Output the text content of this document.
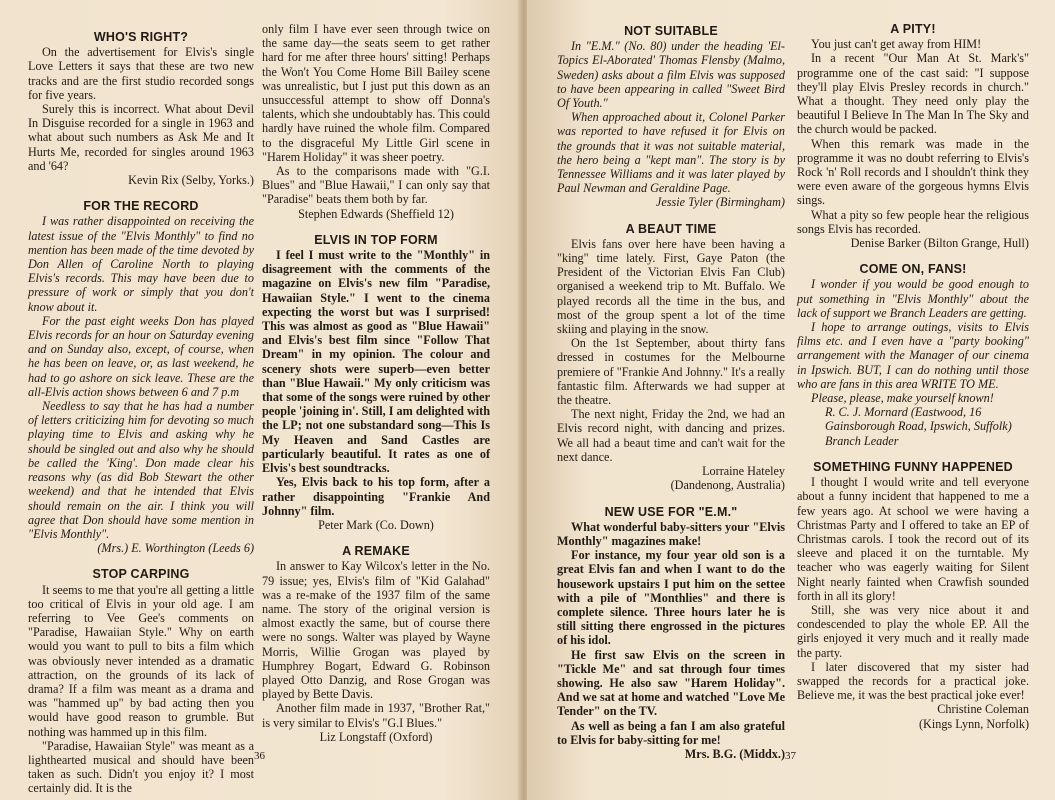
WHO'S RIGHT?

On the advertisement for Elvis's single Love Letters it says that these are two new tracks and are the first studio recorded songs for five years.

Surely this is incorrect. What about Devil In Disguise recorded for a single in 1963 and what about such numbers as Ask Me and It Hurts Me, recorded for singles around 1963 and '64?

Kevin Rix (Selby, Yorks.)
FOR THE RECORD

I was rather disappointed on receiving the latest issue of the "Elvis Monthly" to find no mention has been made of the time devoted by Don Allen of Caroline North to playing Elvis's records. This may have been due to pressure of work or simply that you don't know about it.

For the past eight weeks Don has played Elvis records for an hour on Saturday evening and on Sunday also, except, of course, when he has been on leave, or, as last weekend, he had to go ashore on sick leave. These are the all-Elvis action shows between 6 and 7 p.m

Needless to say that he has had a number of letters criticizing him for devoting so much playing time to Elvis and asking why he should be singled out and also why he should be called the 'King'. Don made clear his reasons why (as did Bob Stewart the other weekend) and that he intended that Elvis should remain on the air. I think you will agree that Don should have some mention in "Elvis Monthly".

(Mrs.) E. Worthington (Leeds 6)
STOP CARPING

It seems to me that you're all getting a little too critical of Elvis in your old age. I am referring to Vee Gee's comments on "Paradise, Hawaiian Style." Why on earth would you want to pull to bits a film which was obviously never intended as a dramatic attraction, on the grounds of its lack of drama? If a film was meant as a drama and was "hammed up" by bad acting then you would have good reason to grumble. But nothing was hammed up in this film.

"Paradise, Hawaiian Style" was meant as a lighthearted musical and should have been taken as such. Didn't you enjoy it? I most certainly did. It is the

only film I have ever seen through twice on the same day—the seats seem to get rather hard for me after three hours' sitting! Perhaps the Won't You Come Home Bill Bailey scene was unrealistic, but I just put this down as an unsuccessful attempt to show off Donna's talents, which she undoubtably has. This could hardly have ruined the whole film. Compared to the disgraceful My Little Girl scene in "Harem Holiday" it was sheer poetry.

As to the comparisons made with "G.I. Blues" and "Blue Hawaii," I can only say that "Paradise" beats them both by far.

Stephen Edwards (Sheffield 12)
ELVIS IN TOP FORM

I feel I must write to the "Monthly" in disagreement with the comments of the magazine on Elvis's new film "Paradise, Hawaiian Style." I went to the cinema expecting the worst but was I surprised! This was almost as good as "Blue Hawaii" and Elvis's best film since "Follow That Dream" in my opinion. The colour and scenery shots were superb—even better than "Blue Hawaii." My only criticism was that some of the songs were ruined by other people 'joining in'. Still, I am delighted with the LP; not one substandard song—This Is My Heaven and Sand Castles are particularly beautiful. It rates as one of Elvis's best soundtracks.

Yes, Elvis back to his top form, after a rather disappointing "Frankie And Johnny" film.

Peter Mark (Co. Down)
A REMAKE

In answer to Kay Wilcox's letter in the No. 79 issue; yes, Elvis's film of "Kid Galahad" was a re-make of the 1937 film of the same name. The story of the original version is almost exactly the same, but of course there were no songs. Walter was played by Wayne Morris, Willie Grogan was played by Humphrey Bogart, Edward G. Robinson played Otto Danzig, and Rose Grogan was played by Bette Davis.

Another film made in 1937, "Brother Rat," is very similar to Elvis's "G.I Blues."

Liz Longstaff (Oxford)
36
NOT SUITABLE

In "E.M." (No. 80) under the heading 'El-Topics El-Aborated' Thomas Flensby (Malmo, Sweden) asks about a film Elvis was supposed to have been appearing in called "Sweet Bird Of Youth."

When approached about it, Colonel Parker was reported to have refused it for Elvis on the grounds that it was not suitable material, the hero being a "kept man". The story is by Tennessee Williams and it was later played by Paul Newman and Geraldine Page.

Jessie Tyler (Birmingham)
A BEAUT TIME

Elvis fans over here have been having a "king" time lately. First, Gaye Paton (the President of the Victorian Elvis Fan Club) organised a weekend trip to Mt. Buffalo. We played records all the time in the bus, and most of the group spent a lot of the time skiing and playing in the snow.

On the 1st September, about thirty fans dressed in costumes for the Melbourne premiere of "Frankie And Johnny." It's a really fantastic film. Afterwards we had supper at the theatre.

The next night, Friday the 2nd, we had an Elvis record night, with dancing and prizes. We all had a beaut time and can't wait for the next dance.

Lorraine Hateley
(Dandenong, Australia)
NEW USE FOR "E.M."

What wonderful baby-sitters your "Elvis Monthly" magazines make!

For instance, my four year old son is a great Elvis fan and when I want to do the housework upstairs I put him on the settee with a pile of "Monthlies" and there is complete silence. Three hours later he is still sitting there engrossed in the pictures of his idol.

He first saw Elvis on the screen in "Tickle Me" and sat through four times showing. He also saw "Harem Holiday". And we sat at home and watched "Love Me Tender" on the TV.

As well as being a fan I am also grateful to Elvis for baby-sitting for me!

Mrs. B.G. (Middx.)
A PITY!

You just can't get away from HIM!

In a recent "Our Man At St. Mark's" programme one of the cast said: "I suppose they'll play Elvis Presley records in church." What a thought. They need only play the beautiful I Believe In The Man In The Sky and the church would be packed.

When this remark was made in the programme it was no doubt referring to Elvis's Rock 'n' Roll records and I shouldn't think they were even aware of the gorgeous hymns Elvis sings.

What a pity so few people hear the religious songs Elvis has recorded.

Denise Barker (Bilton Grange, Hull)
COME ON, FANS!

I wonder if you would be good enough to put something in "Elvis Monthly" about the lack of support we Branch Leaders are getting.

I hope to arrange outings, visits to Elvis films etc. and I even have a "party booking" arrangement with the Manager of our cinema in Ipswich. BUT, I can do nothing until those who are fans in this area WRITE TO ME.

Please, please, make yourself known!

R. C. J. Mornard (Eastwood, 16 Gainsborough Road, Ipswich, Suffolk) Branch Leader
SOMETHING FUNNY HAPPENED

I thought I would write and tell everyone about a funny incident that happened to me a few years ago. At school we were having a Christmas Party and I offered to take an EP of Christmas carols. I took the record out of its sleeve and placed it on the turntable. My teacher who was eagerly waiting for Silent Night nearly fainted when Crawfish sounded forth in all its glory!

Still, she was very nice about it and condescended to play the whole EP. All the girls enjoyed it very much and it really made the party.

I later discovered that my sister had swapped the records for a practical joke. Believe me, it was the best practical joke ever!

Christine Coleman
(Kings Lynn, Norfolk)
37
